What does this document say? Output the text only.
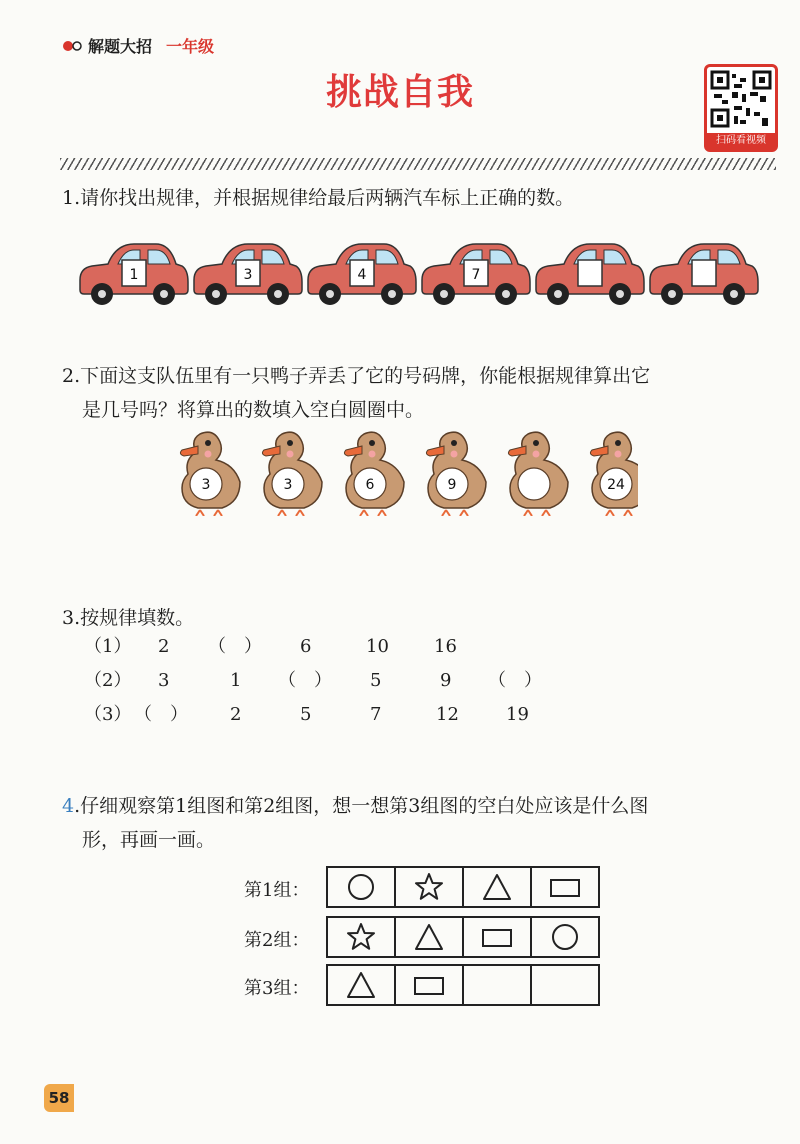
解题大招 一年级
挑战自我
扫码看视频
1.请你找出规律，并根据规律给最后两辆汽车标上正确的数。
1	3	4	7
2.下面这支队伍里有一只鸭子弄丢了它的号码牌，你能根据规律算出它
是几号吗？将算出的数填入空白圆圈中。
3	3	6	9	24
3.按规律填数。
（1） 2 （　） 6	10	16
（2） 3	1 （　） 5	9 （　）
（3） （　） 2	5	7	12	19
4.仔细观察第1组图和第2组图，想一想第3组图的空白处应该是什么图
形，再画一画。
第1组：
第2组：
第3组：

58
